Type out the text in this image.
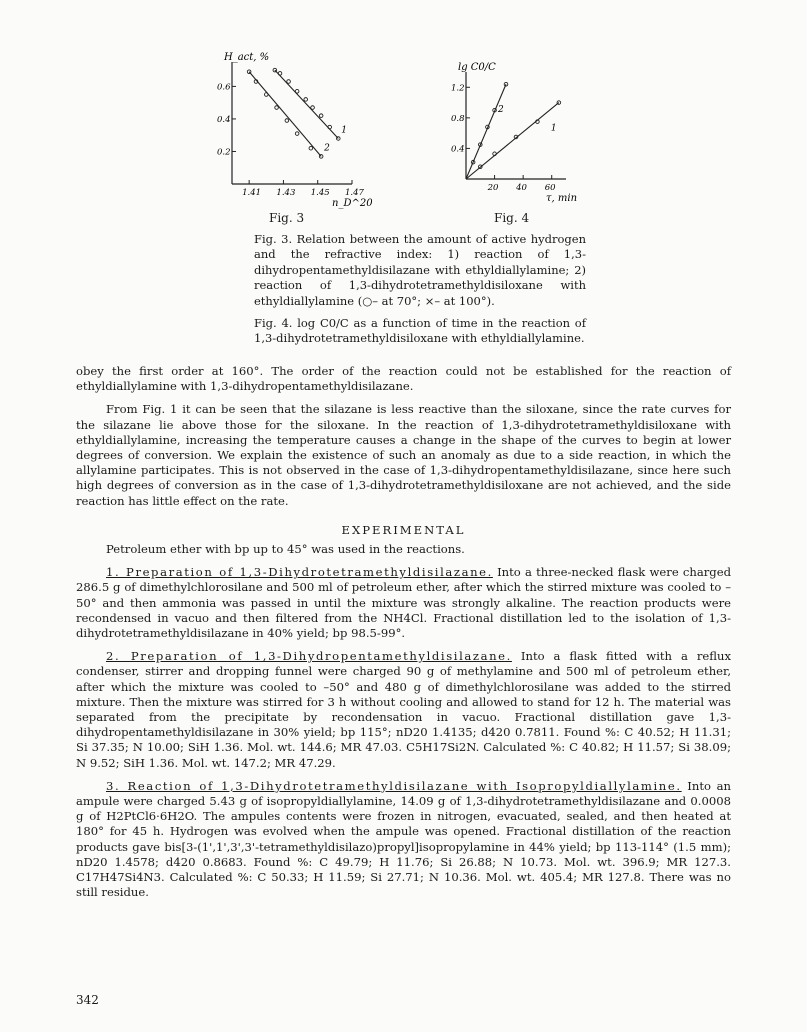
H_act, %
n_D^20
1.41 1.43 1.45 1.47
0.6
0.4
0.2
1
2
lg C0/C
τ, min
20 40 60
1.2
0.8
0.4
1
2
Fig. 3	Fig. 4
Fig. 3. Relation between the amount of active hydrogen and the refractive index: 1) reaction of 1,3-dihydropentamethyldisilazane with ethyldiallylamine; 2) reaction of 1,3-dihydrotetramethyldisiloxane with ethyldiallylamine (○– at 70°; ×– at 100°).
Fig. 4. log C0/C as a function of time in the reaction of 1,3-dihydrotetramethyldisiloxane with ethyldiallylamine.

obey the first order at 160°. The order of the reaction could not be established for the reaction of ethyldiallylamine with 1,3-dihydropentamethyldisilazane.

From Fig. 1 it can be seen that the silazane is less reactive than the siloxane, since the rate curves for the silazane lie above those for the siloxane. In the reaction of 1,3-dihydrotetramethyldisiloxane with ethyldiallylamine, increasing the temperature causes a change in the shape of the curves to begin at lower degrees of conversion. We explain the existence of such an anomaly as due to a side reaction, in which the allylamine participates. This is not observed in the case of 1,3-dihydropentamethyldisilazane, since here such high degrees of conversion as in the case of 1,3-dihydrotetramethyldisiloxane are not achieved, and the side reaction has little effect on the rate.

EXPERIMENTAL

Petroleum ether with bp up to 45° was used in the reactions.

1. Preparation of 1,3-Dihydrotetramethyldisilazane. Into a three-necked flask were charged 286.5 g of dimethylchlorosilane and 500 ml of petroleum ether, after which the stirred mixture was cooled to –50° and then ammonia was passed in until the mixture was strongly alkaline. The reaction products were recondensed in vacuo and then filtered from the NH4Cl. Fractional distillation led to the isolation of 1,3-dihydrotetramethyldisilazane in 40% yield; bp 98.5-99°.

2. Preparation of 1,3-Dihydropentamethyldisilazane. Into a flask fitted with a reflux condenser, stirrer and dropping funnel were charged 90 g of methylamine and 500 ml of petroleum ether, after which the mixture was cooled to –50° and 480 g of dimethylchlorosilane was added to the stirred mixture. Then the mixture was stirred for 3 h without cooling and allowed to stand for 12 h. The material was separated from the precipitate by recondensation in vacuo. Fractional distillation gave 1,3-dihydropentamethyldisilazane in 30% yield; bp 115°; nD20 1.4135; d420 0.7811. Found %: C 40.52; H 11.31; Si 37.35; N 10.00; SiH 1.36. Mol. wt. 144.6; MR 47.03. C5H17Si2N. Calculated %: C 40.82; H 11.57; Si 38.09; N 9.52; SiH 1.36. Mol. wt. 147.2; MR 47.29.

3. Reaction of 1,3-Dihydrotetramethyldisilazane with Isopropyldiallylamine. Into an ampule were charged 5.43 g of isopropyldiallylamine, 14.09 g of 1,3-dihydrotetramethyldisilazane and 0.0008 g of H2PtCl6·6H2O. The ampules contents were frozen in nitrogen, evacuated, sealed, and then heated at 180° for 45 h. Hydrogen was evolved when the ampule was opened. Fractional distillation of the reaction products gave bis[3-(1',1',3',3'-tetramethyldisilazo)propyl]isopropylamine in 44% yield; bp 113-114° (1.5 mm); nD20 1.4578; d420 0.8683. Found %: C 49.79; H 11.76; Si 26.88; N 10.73. Mol. wt. 396.9; MR 127.3. C17H47Si4N3. Calculated %: C 50.33; H 11.59; Si 27.71; N 10.36. Mol. wt. 405.4; MR 127.8. There was no still residue.

342
